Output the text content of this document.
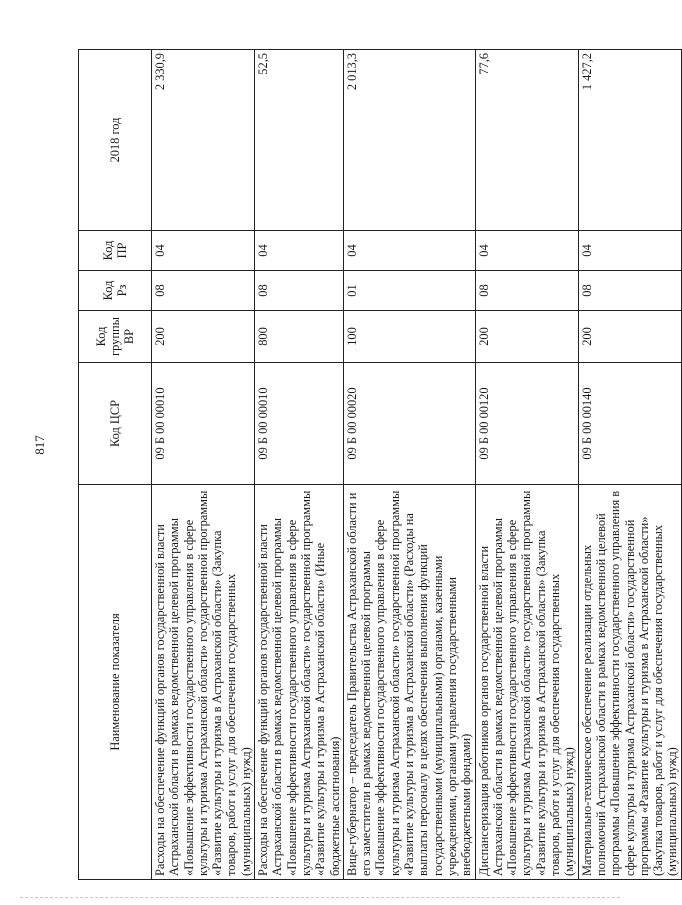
817
Наименование показателя	Код ЦСР	Код группы ВР	Код Рз	Код ПР	2018 год
Расходы на обеспечение функций органов государственной власти Астраханской области в рамках ведомственной целевой программы «Повышение эффективности государственного управления в сфере культуры и туризма Астраханской области» государственной программы «Развитие культуры и туризма в Астраханской области» (Закупка товаров, работ и услуг для обеспечения государственных (муниципальных) нужд)	09 Б 00 00010	200	08	04	2 330,9
Расходы на обеспечение функций органов государственной власти Астраханской области в рамках ведомственной целевой программы «Повышение эффективности государственного управления в сфере культуры и туризма Астраханской области» государственной программы «Развитие культуры и туризма в Астраханской области» (Иные бюджетные ассигнования)	09 Б 00 00010	800	08	04	52,5
Вице-губернатор – председатель Правительства Астраханской области и его заместители в рамках ведомственной целевой программы «Повышение эффективности государственного управления в сфере культуры и туризма Астраханской области» государственной программы «Развитие культуры и туризма в Астраханской области» (Расходы на выплаты персоналу в целях обеспечения выполнения функций государственными (муниципальными) органами, казенными учреждениями, органами управления государственными внебюджетными фондами)	09 Б 00 00020	100	01	04	2 013,3
Диспансеризация работников органов государственной власти Астраханской области в рамках ведомственной целевой программы «Повышение эффективности государственного управления в сфере культуры и туризма Астраханской области» государственной программы «Развитие культуры и туризма в Астраханской области» (Закупка товаров, работ и услуг для обеспечения государственных (муниципальных) нужд)	09 Б 00 00120	200	08	04	77,6
Материально-техническое обеспечение реализации отдельных полномочий Астраханской области в рамках ведомственной целевой программы «Повышение эффективности государственного управления в сфере культуры и туризма Астраханской области» государственной программы «Развитие культуры и туризма в Астраханской области» (Закупка товаров, работ и услуг для обеспечения государственных (муниципальных) нужд)	09 Б 00 00140	200	08	04	1 427,2
